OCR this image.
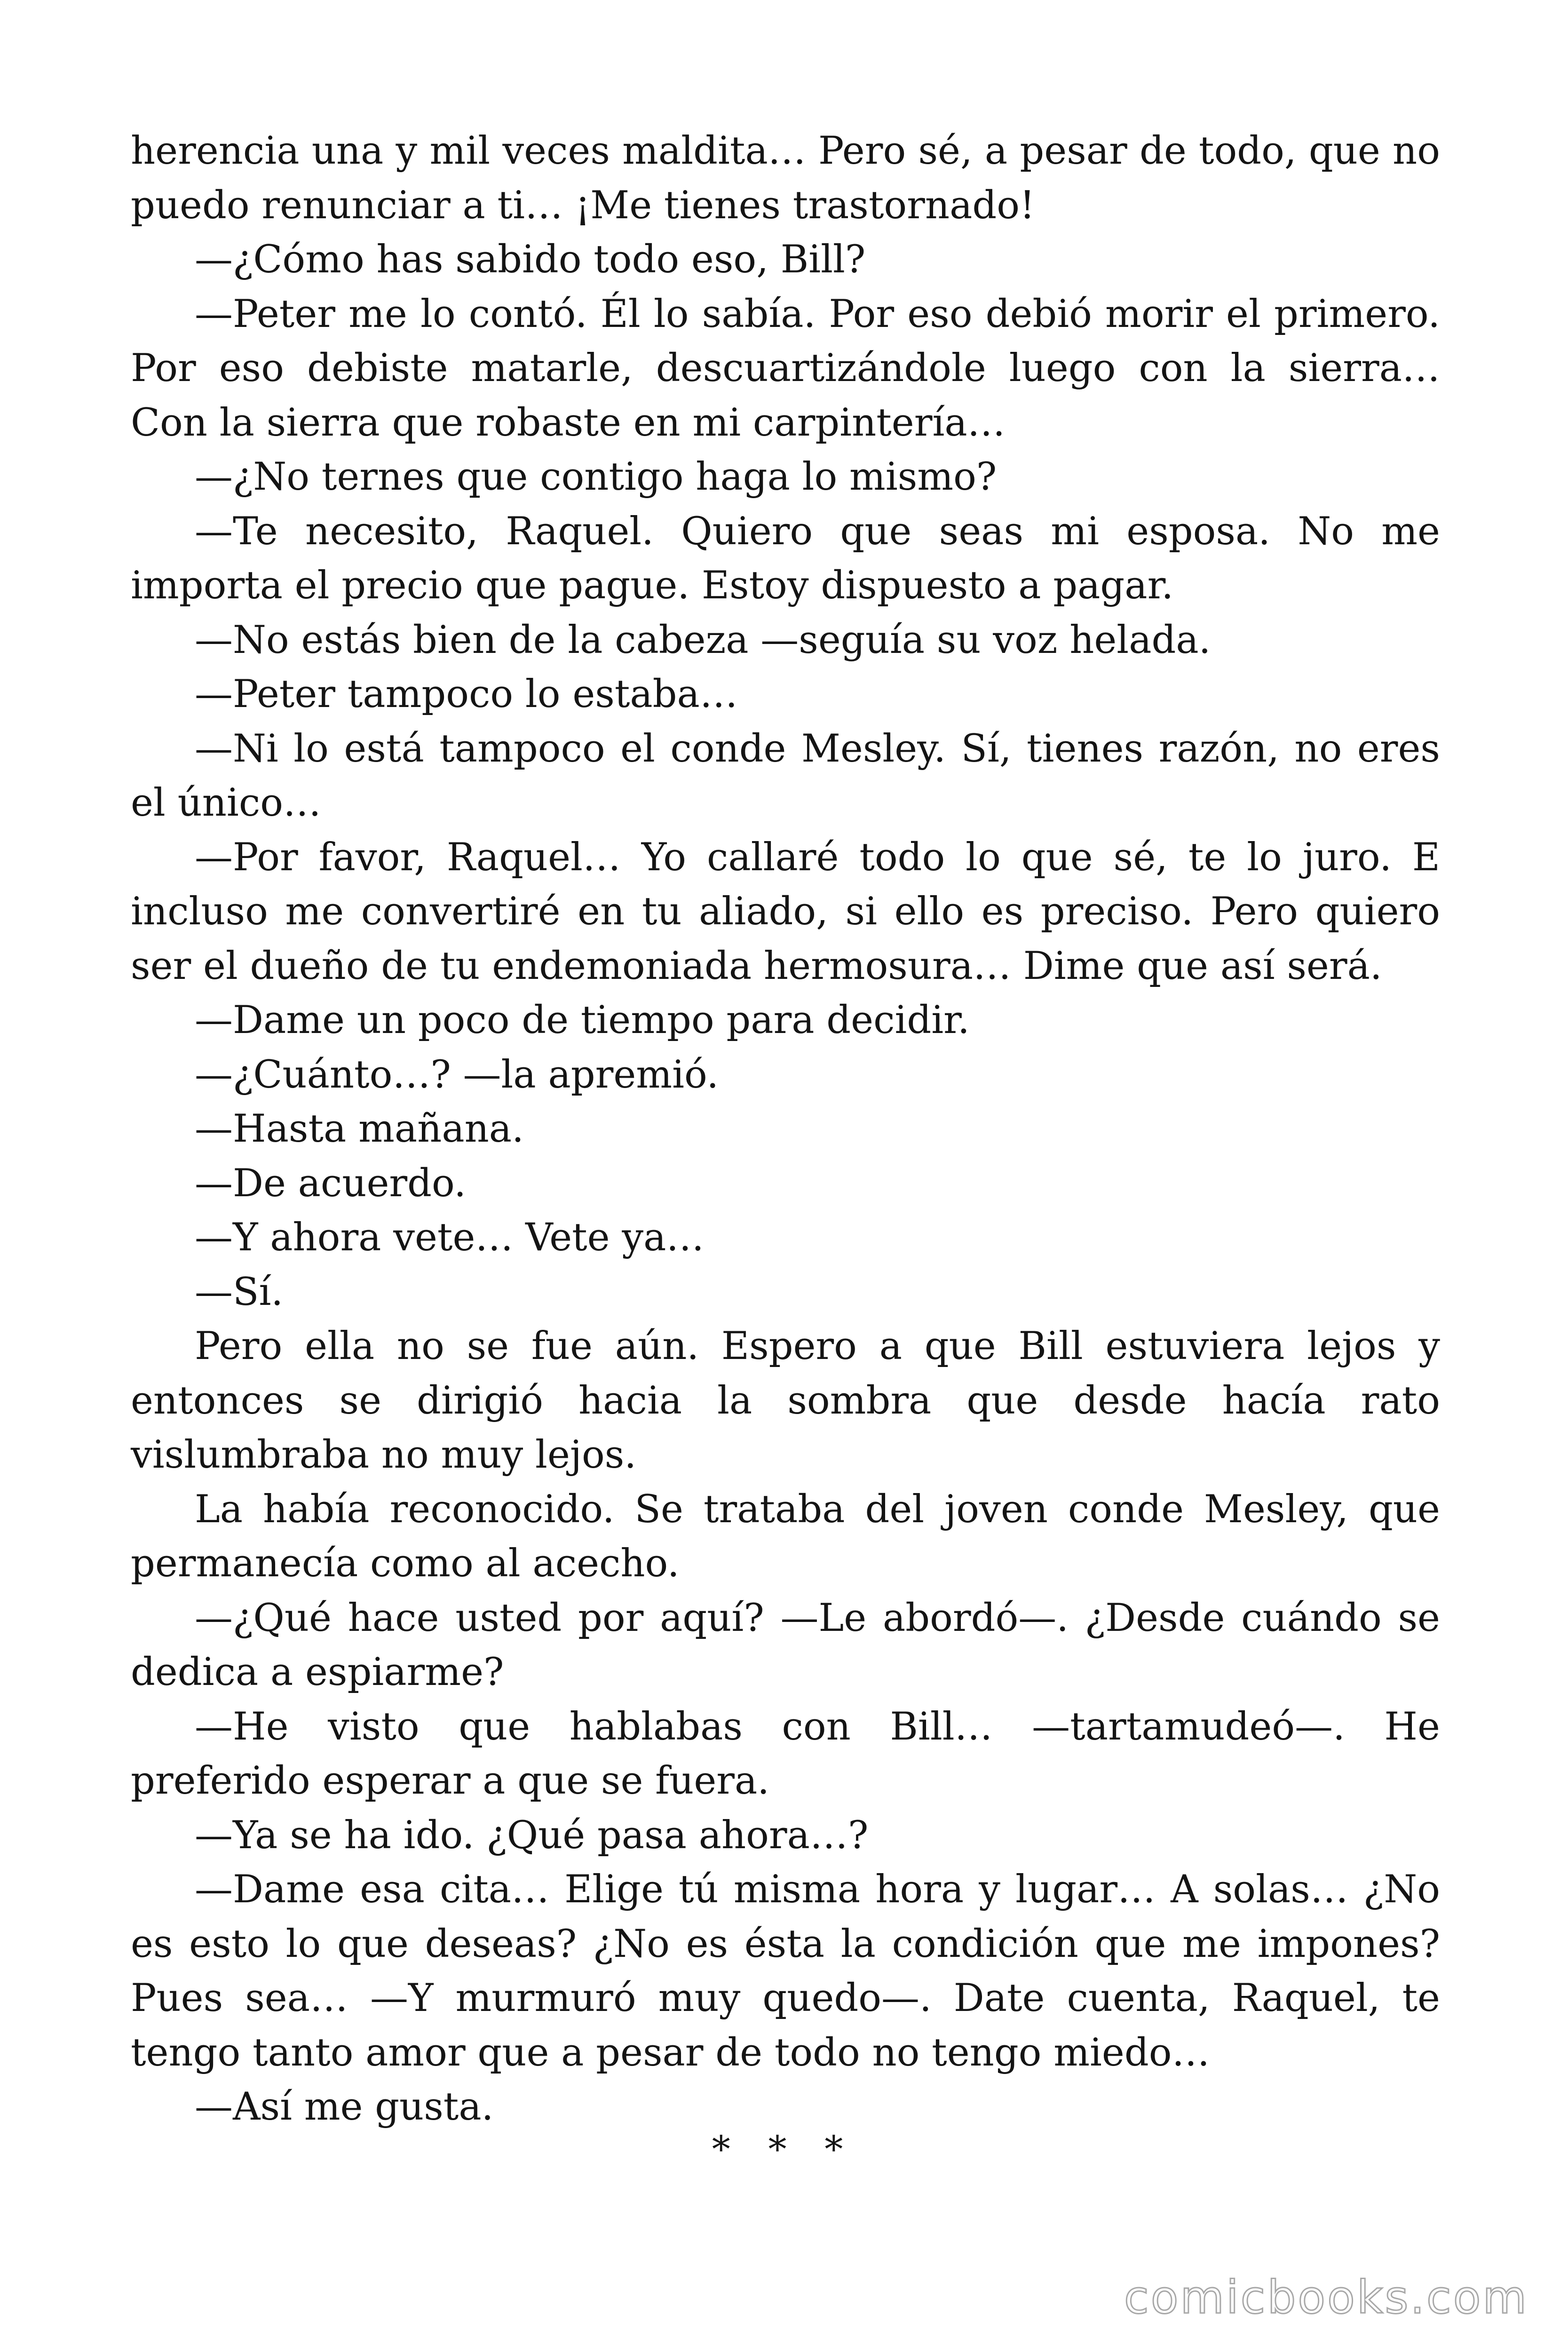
herencia una y mil veces maldita… Pero sé, a pesar de todo, que no puedo renunciar a ti… ¡Me tienes trastornado!

—¿Cómo has sabido todo eso, Bill?

—Peter me lo contó. Él lo sabía. Por eso debió morir el primero. Por eso debiste matarle, descuartizándole luego con la sierra… Con la sierra que robaste en mi carpintería…

—¿No ternes que contigo haga lo mismo?

—Te necesito, Raquel. Quiero que seas mi esposa. No me importa el precio que pague. Estoy dispuesto a pagar.

—No estás bien de la cabeza —seguía su voz helada.

—Peter tampoco lo estaba…

—Ni lo está tampoco el conde Mesley. Sí, tienes razón, no eres el único…

—Por favor, Raquel… Yo callaré todo lo que sé, te lo juro. E incluso me convertiré en tu aliado, si ello es preciso. Pero quiero ser el dueño de tu endemoniada hermosura… Dime que así será.

—Dame un poco de tiempo para decidir.

—¿Cuánto…? —la apremió.

—Hasta mañana.

—De acuerdo.

—Y ahora vete… Vete ya…

—Sí.

Pero ella no se fue aún. Espero a que Bill estuviera lejos y entonces se dirigió hacia la sombra que desde hacía rato vislumbraba no muy lejos.

La había reconocido. Se trataba del joven conde Mesley, que permanecía como al acecho.

—¿Qué hace usted por aquí? —Le abordó—. ¿Desde cuándo se dedica a espiarme?

—He visto que hablabas con Bill… —tartamudeó—. He preferido esperar a que se fuera.

—Ya se ha ido. ¿Qué pasa ahora…?

—Dame esa cita… Elige tú misma hora y lugar… A solas… ¿No es esto lo que deseas? ¿No es ésta la condición que me impones? Pues sea… —Y murmuró muy quedo—. Date cuenta, Raquel, te tengo tanto amor que a pesar de todo no tengo miedo…

—Así me gusta.

* * *

comicbooks.com
